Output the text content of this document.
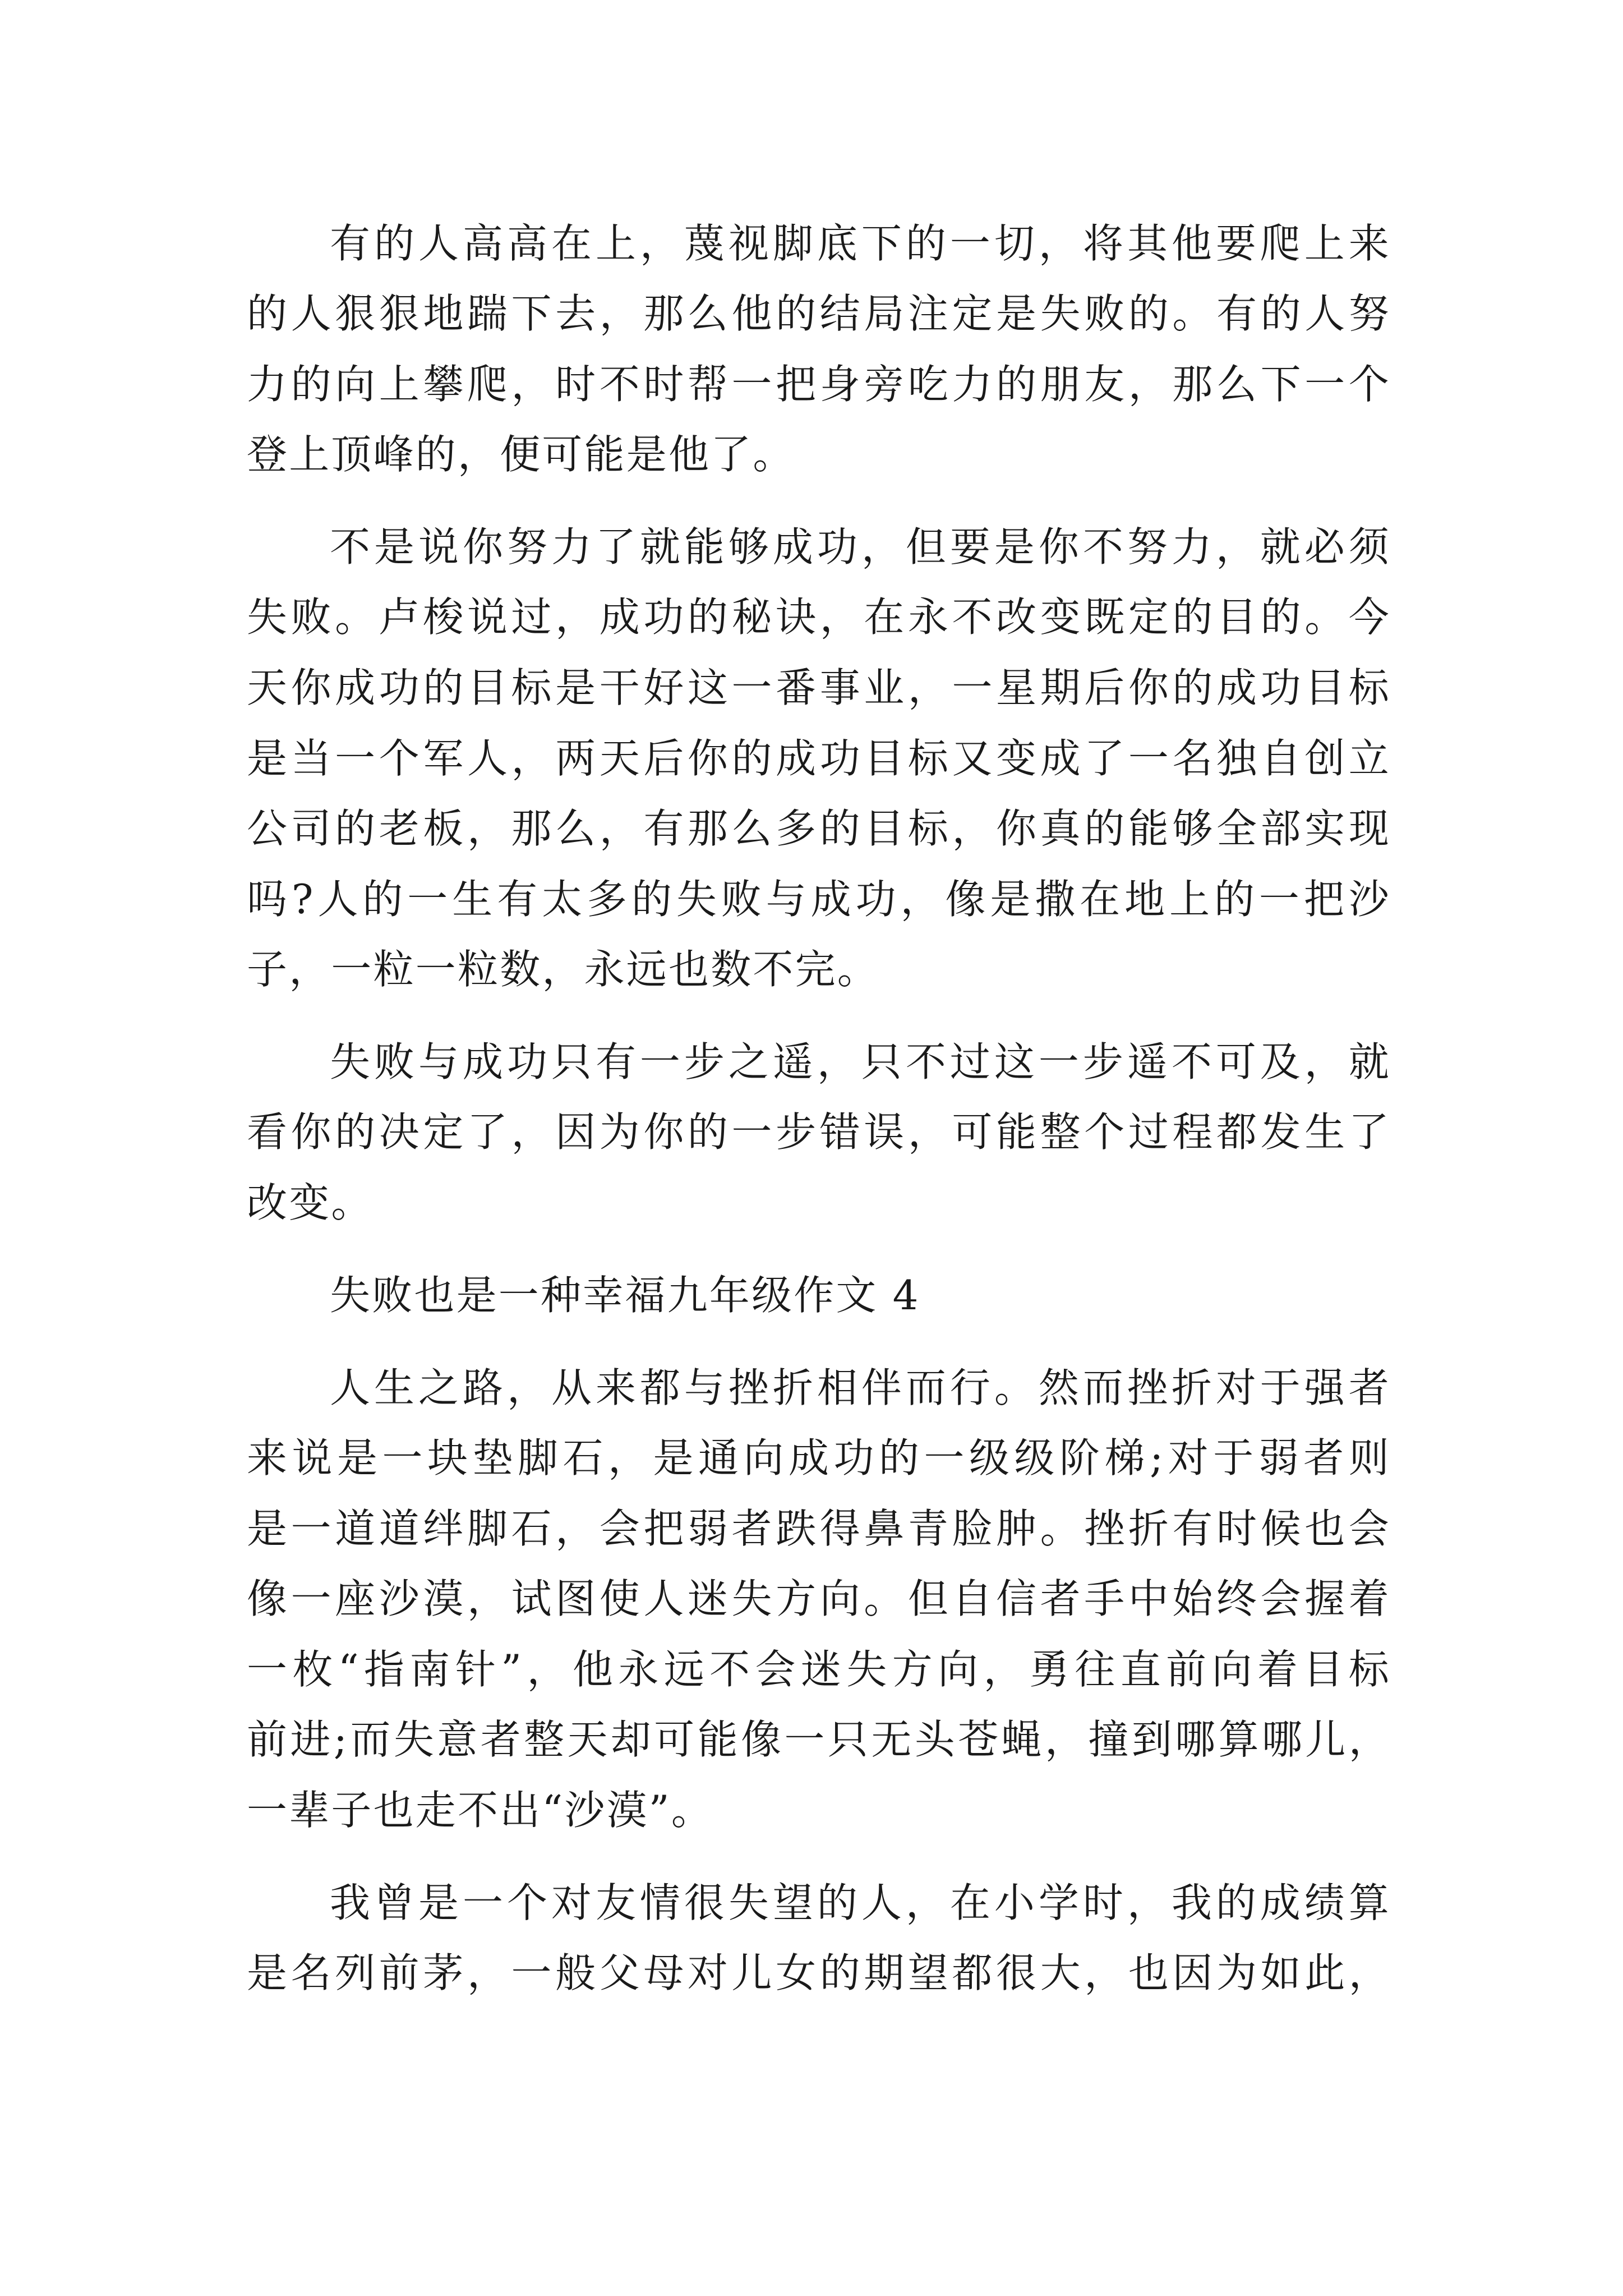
有的人高高在上，蔑视脚底下的一切，将其他要爬上来
的人狠狠地踹下去，那么他的结局注定是失败的。有的人努
力的向上攀爬，时不时帮一把身旁吃力的朋友，那么下一个
登上顶峰的，便可能是他了。
不是说你努力了就能够成功，但要是你不努力，就必须
失败。卢梭说过，成功的秘诀，在永不改变既定的目的。今
天你成功的目标是干好这一番事业，一星期后你的成功目标
是当一个军人，两天后你的成功目标又变成了一名独自创立
公司的老板，那么，有那么多的目标，你真的能够全部实现
吗?人的一生有太多的失败与成功，像是撒在地上的一把沙
子，一粒一粒数，永远也数不完。
失败与成功只有一步之遥，只不过这一步遥不可及，就
看你的决定了，因为你的一步错误，可能整个过程都发生了
改变。
失败也是一种幸福九年级作文 4
人生之路，从来都与挫折相伴而行。然而挫折对于强者
来说是一块垫脚石，是通向成功的一级级阶梯;对于弱者则
是一道道绊脚石，会把弱者跌得鼻青脸肿。挫折有时候也会
像一座沙漠，试图使人迷失方向。但自信者手中始终会握着
一枚“指南针”，他永远不会迷失方向，勇往直前向着目标
前进;而失意者整天却可能像一只无头苍蝇，撞到哪算哪儿，
一辈子也走不出“沙漠”。
我曾是一个对友情很失望的人，在小学时，我的成绩算
是名列前茅，一般父母对儿女的期望都很大，也因为如此，
